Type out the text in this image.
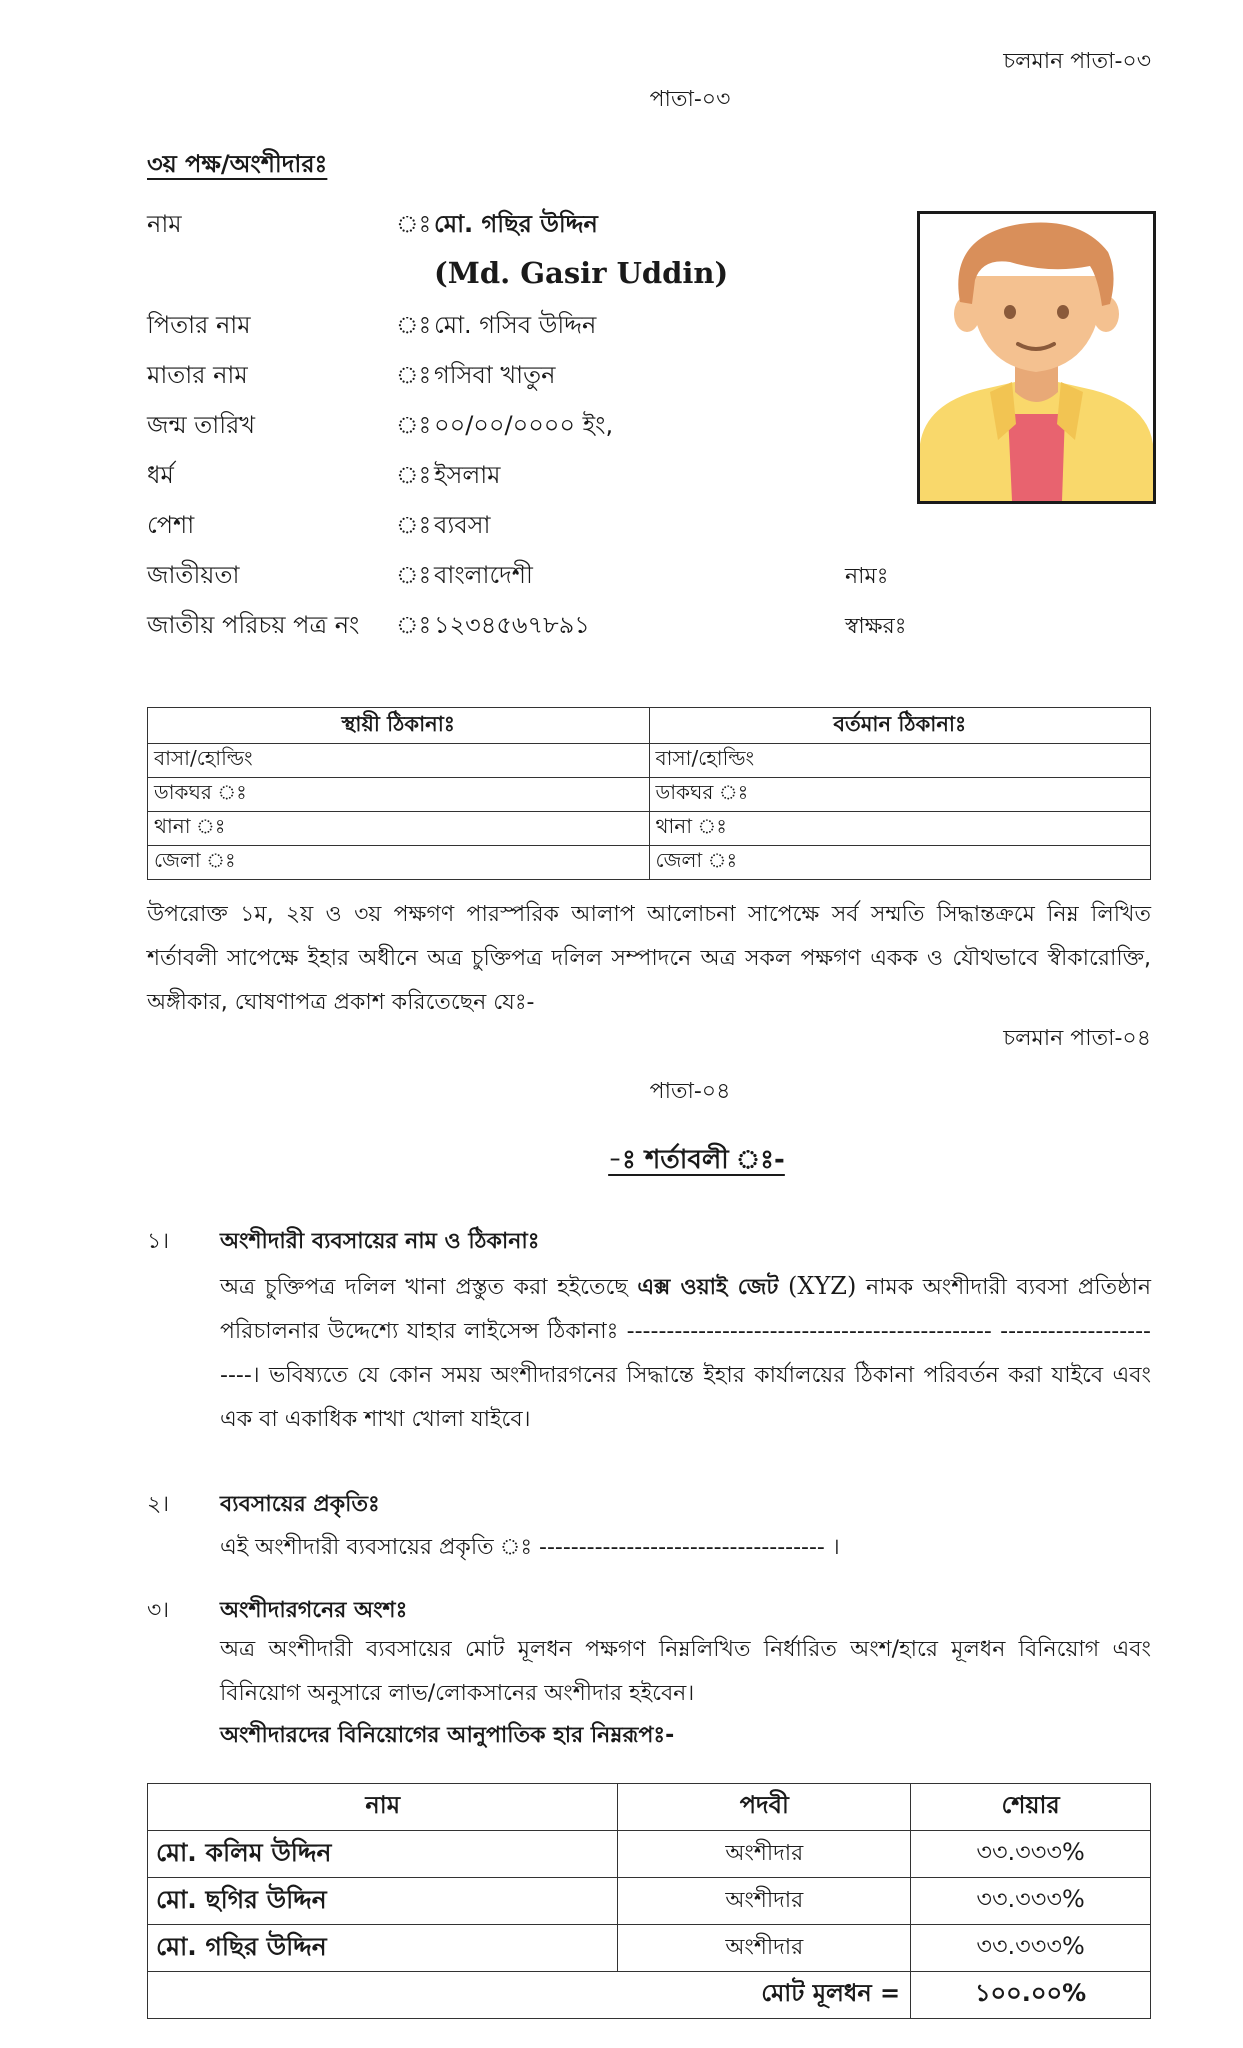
চলমান পাতা-০৩
পাতা-০৩
৩য় পক্ষ/অংশীদারঃ
নাম	ঃ মো. গছির উদ্দিন
(Md. Gasir Uddin)
পিতার নাম	ঃ মো. গসিব উদ্দিন
মাতার নাম	ঃ গসিবা খাতুন
জন্ম তারিখ	ঃ ০০/০০/০০০০ ইং,
ধর্ম	ঃ ইসলাম
পেশা	ঃ ব্যবসা
জাতীয়তা	ঃ বাংলাদেশী	নামঃ
জাতীয় পরিচয় পত্র নং ঃ ১২৩৪৫৬৭৮৯১	স্বাক্ষরঃ
স্থায়ী ঠিকানাঃ	বর্তমান ঠিকানাঃ
বাসা/হোল্ডিং	বাসা/হোল্ডিং
ডাকঘর ঃ	ডাকঘর ঃ
থানা ঃ	থানা ঃ
জেলা ঃ	জেলা ঃ
উপরোক্ত ১ম, ২য় ও ৩য় পক্ষগণ পারস্পরিক আলাপ আলোচনা সাপেক্ষে সর্ব সম্মতি সিদ্ধান্তক্রমে নিম্ন লিখিত শর্তাবলী সাপেক্ষে ইহার অধীনে অত্র চুক্তিপত্র দলিল সম্পাদনে অত্র সকল পক্ষগণ একক ও যৌথভাবে স্বীকারোক্তি, অঙ্গীকার, ঘোষণাপত্র প্রকাশ করিতেছেন যেঃ-
চলমান পাতা-০৪
পাতা-০৪
-ঃ শর্তাবলী ঃ-
১। অংশীদারী ব্যবসায়ের নাম ও ঠিকানাঃ
অত্র চুক্তিপত্র দলিল খানা প্রস্তুত করা হইতেছে এক্স ওয়াই জেট (XYZ) নামক অংশীদারী ব্যবসা প্রতিষ্ঠান পরিচালনার উদ্দেশ্যে যাহার লাইসেন্স ঠিকানাঃ ---------------------------------------------- -----------------------। ভবিষ্যতে যে কোন সময় অংশীদারগনের সিদ্ধান্তে ইহার কার্যালয়ের ঠিকানা পরিবর্তন করা যাইবে এবং এক বা একাধিক শাখা খোলা যাইবে।
২। ব্যবসায়ের প্রকৃতিঃ
এই অংশীদারী ব্যবসায়ের প্রকৃতি ঃ ------------------------------------ ।
৩। অংশীদারগনের অংশঃ
অত্র অংশীদারী ব্যবসায়ের মোট মূলধন পক্ষগণ নিম্নলিখিত নির্ধারিত অংশ/হারে মূলধন বিনিয়োগ এবং বিনিয়োগ অনুসারে লাভ/লোকসানের অংশীদার হইবেন।
অংশীদারদের বিনিয়োগের আনুপাতিক হার নিম্নরূপঃ-
নাম	পদবী	শেয়ার
মো. কলিম উদ্দিন	অংশীদার	৩৩.৩৩৩%
মো. ছগির উদ্দিন	অংশীদার	৩৩.৩৩৩%
মো. গছির উদ্দিন	অংশীদার	৩৩.৩৩৩%
মোট মূলধন =		১০০.০০%
